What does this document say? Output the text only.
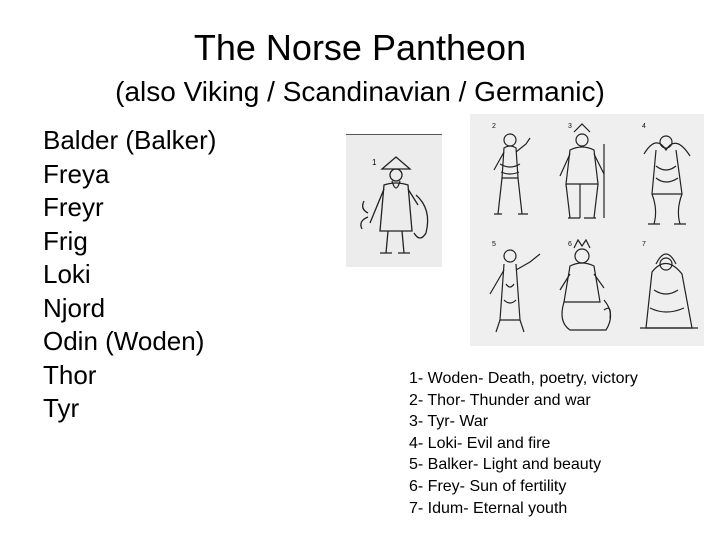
The Norse Pantheon
(also Viking / Scandinavian / Germanic)
Balder (Balker)
Freya
Freyr
Frig
Loki
Njord
Odin (Woden)
Thor
Tyr
1
2	3	4
5	6	7
1- Woden- Death, poetry, victory
2- Thor- Thunder and war
3- Tyr- War
4- Loki- Evil and fire
5- Balker- Light and beauty
6- Frey- Sun of fertility
7- Idum- Eternal youth
